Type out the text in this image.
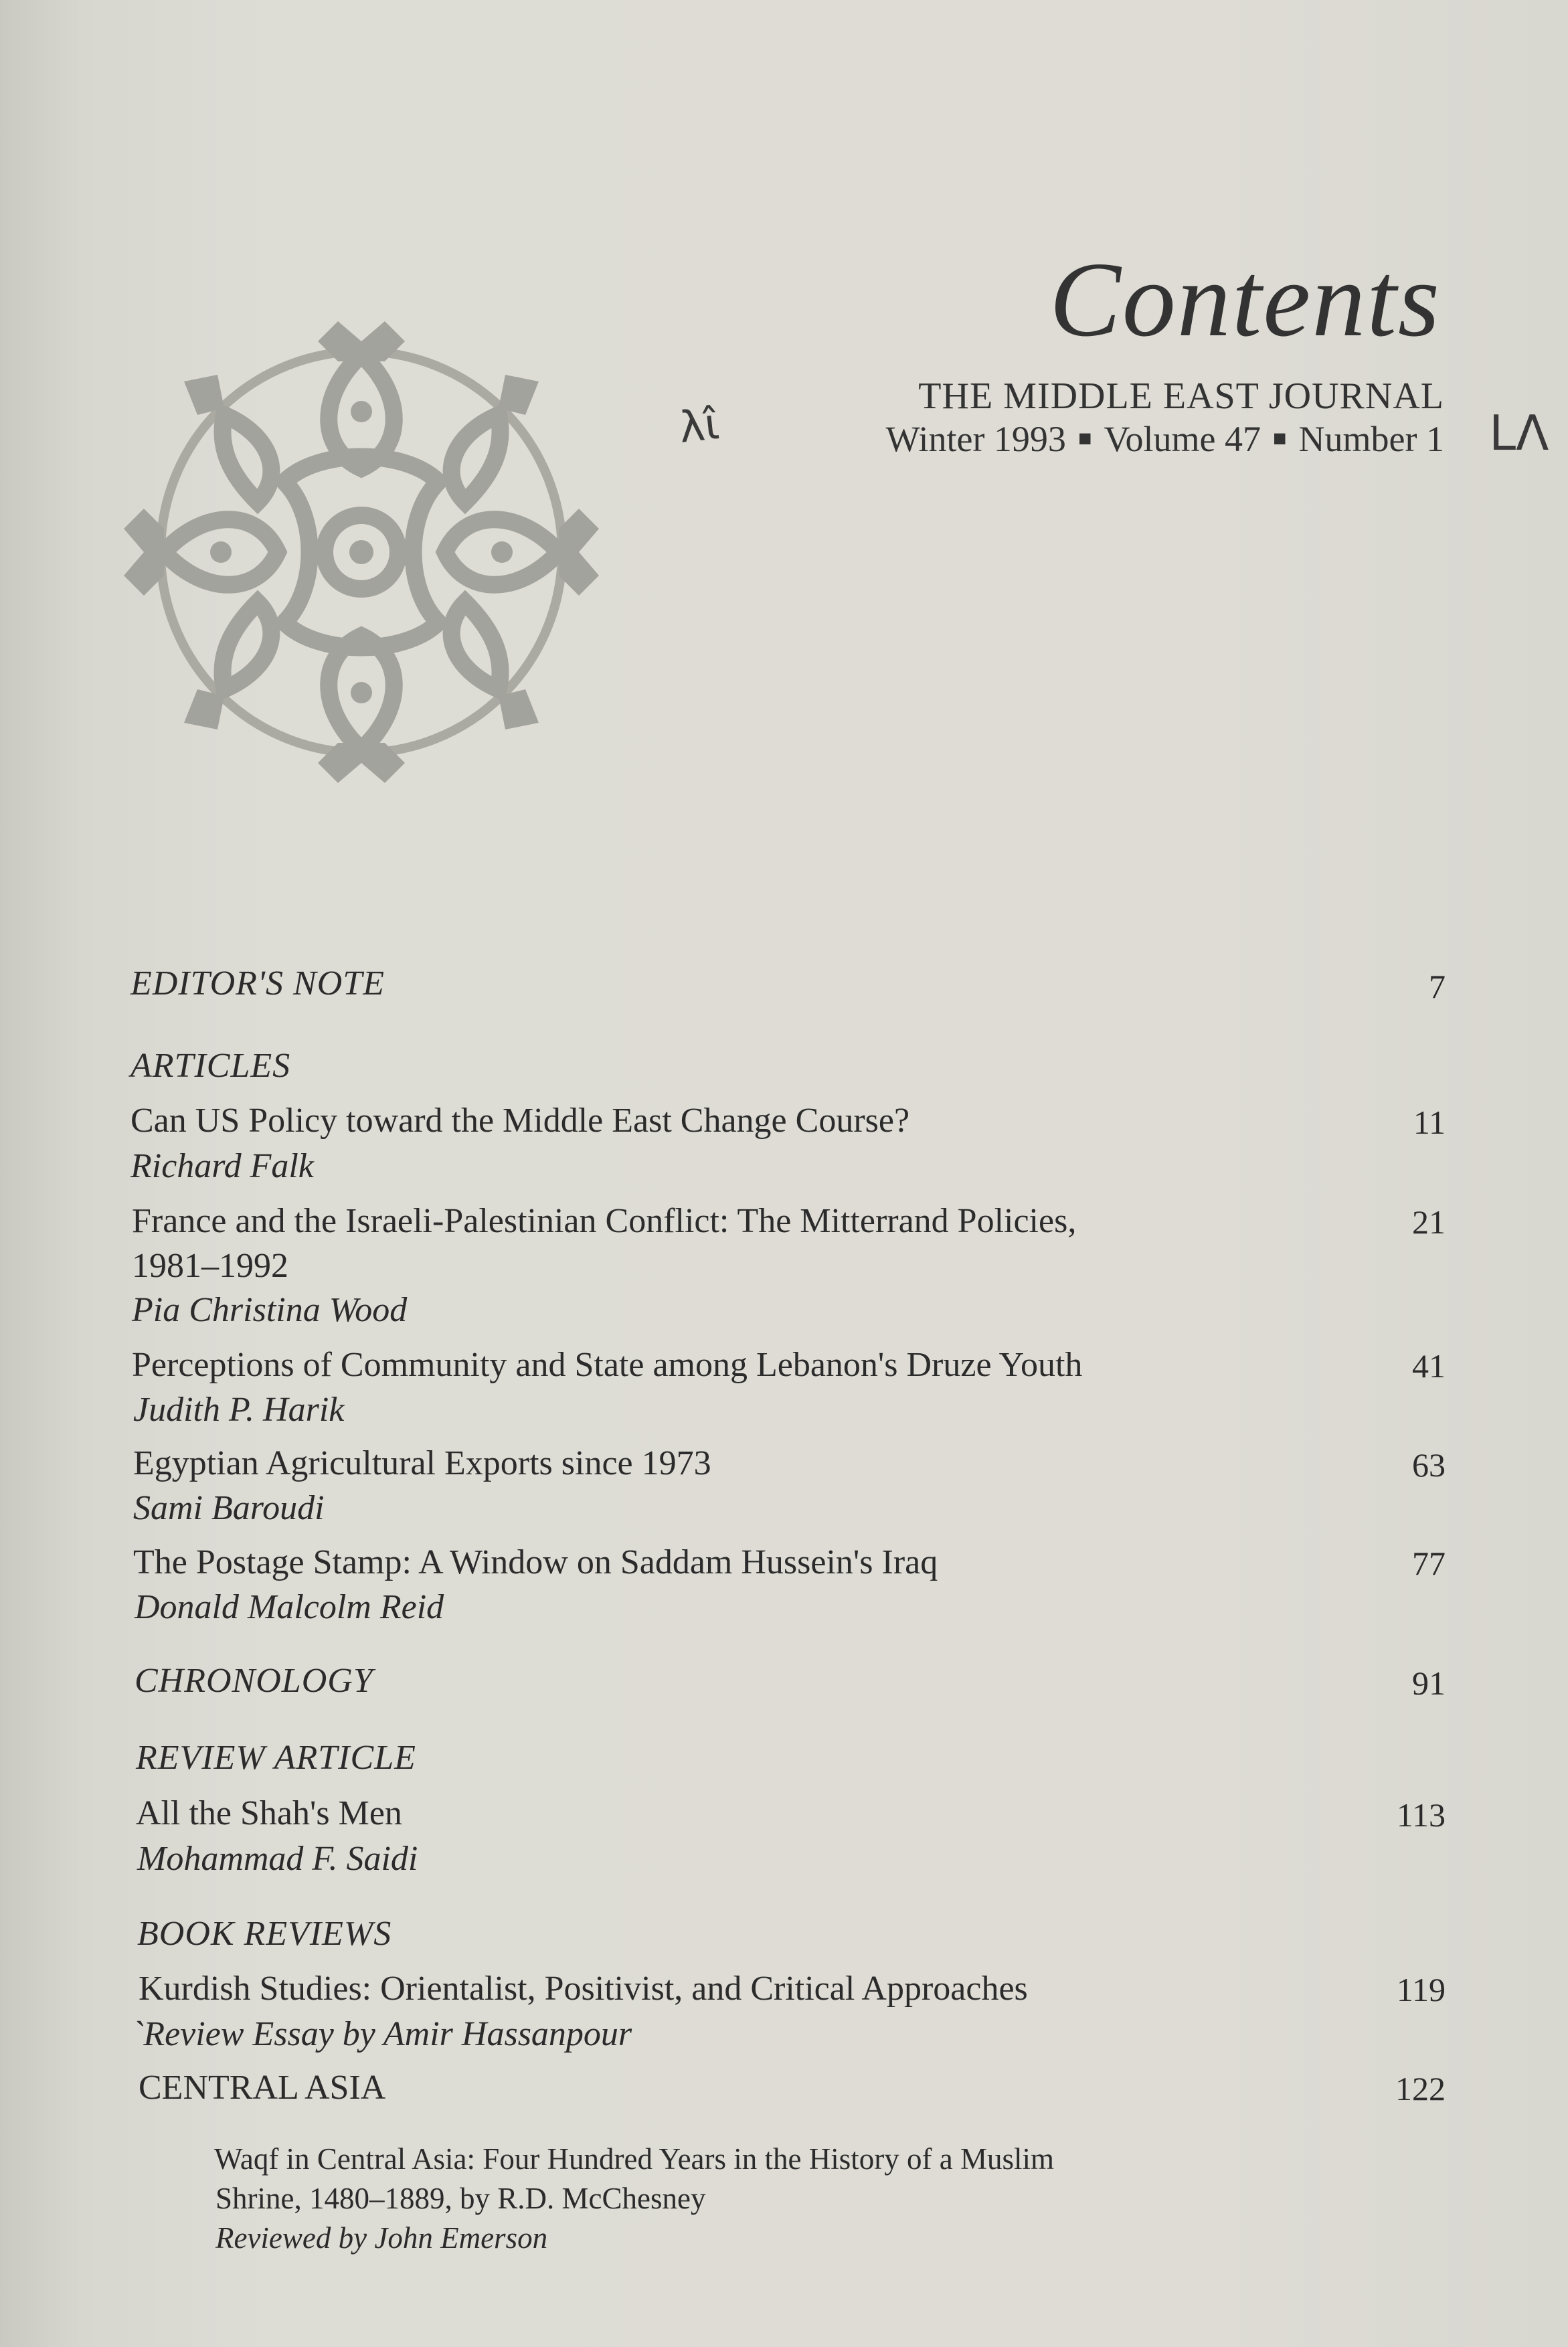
Contents
THE MIDDLE EAST JOURNAL
Winter 1993 ■ Volume 47 ■ Number 1
λι̂	LΛ
EDITOR'S NOTE	7
ARTICLES
Can US Policy toward the Middle East Change Course?	11
Richard Falk
France and the Israeli-Palestinian Conflict: The Mitterrand Policies,	21
1981–1992
Pia Christina Wood
Perceptions of Community and State among Lebanon's Druze Youth	41
Judith P. Harik
Egyptian Agricultural Exports since 1973	63
Sami Baroudi
The Postage Stamp: A Window on Saddam Hussein's Iraq	77
Donald Malcolm Reid
CHRONOLOGY	91
REVIEW ARTICLE
All the Shah's Men	113
Mohammad F. Saidi
BOOK REVIEWS
Kurdish Studies: Orientalist, Positivist, and Critical Approaches	119
`Review Essay by Amir Hassanpour
CENTRAL ASIA	122
Waqf in Central Asia: Four Hundred Years in the History of a Muslim
Shrine, 1480–1889, by R.D. McChesney
Reviewed by John Emerson
